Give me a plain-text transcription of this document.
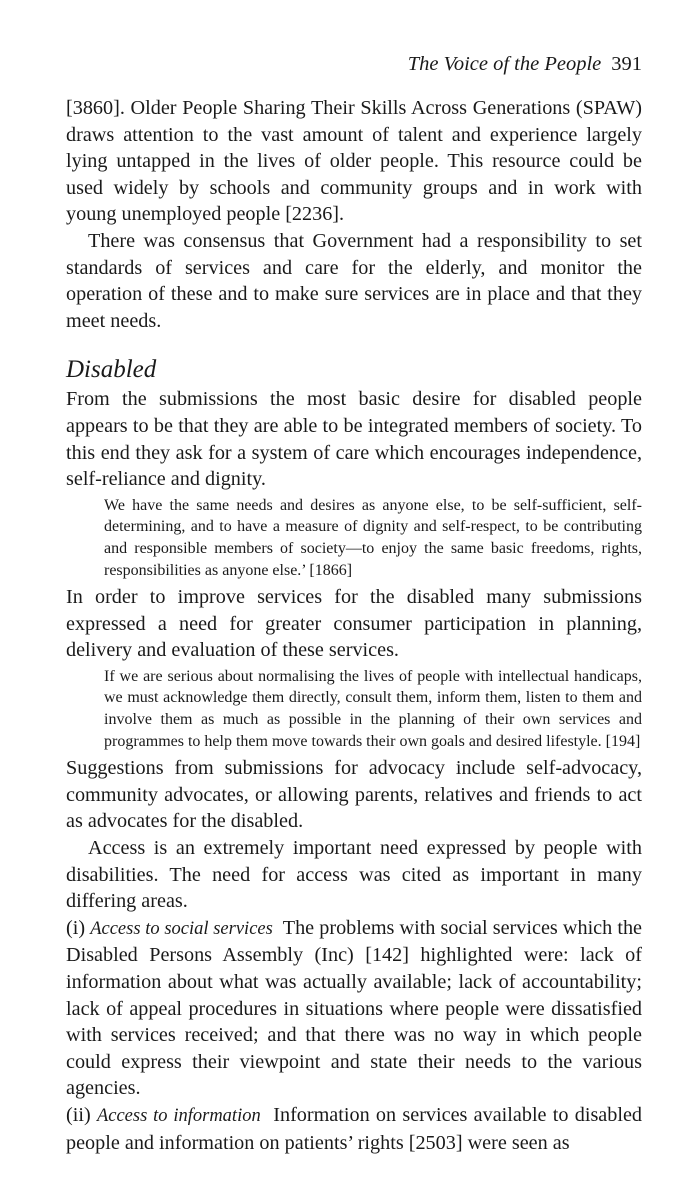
The Voice of the People 391

[3860]. Older People Sharing Their Skills Across Generations (SPAW) draws attention to the vast amount of talent and experience largely lying untapped in the lives of older people. This resource could be used widely by schools and community groups and in work with young unemployed people [2236].

There was consensus that Government had a responsibility to set standards of services and care for the elderly, and monitor the operation of these and to make sure services are in place and that they meet needs.

Disabled

From the submissions the most basic desire for disabled people appears to be that they are able to be integrated members of society. To this end they ask for a system of care which encourages independence, self-reliance and dignity.

We have the same needs and desires as anyone else, to be self-sufficient, self-determining, and to have a measure of dignity and self-respect, to be contributing and responsible members of society—to enjoy the same basic freedoms, rights, responsibilities as anyone else.’ [1866]

In order to improve services for the disabled many submissions expressed a need for greater consumer participation in planning, delivery and evaluation of these services.

If we are serious about normalising the lives of people with intellectual handicaps, we must acknowledge them directly, consult them, inform them, listen to them and involve them as much as possible in the planning of their own services and programmes to help them move towards their own goals and desired lifestyle. [194]

Suggestions from submissions for advocacy include self-advocacy, community advocates, or allowing parents, relatives and friends to act as advocates for the disabled.

Access is an extremely important need expressed by people with disabilities. The need for access was cited as important in many differing areas.

(i) Access to social services The problems with social services which the Disabled Persons Assembly (Inc) [142] highlighted were: lack of information about what was actually available; lack of accountability; lack of appeal procedures in situations where people were dissatisfied with services received; and that there was no way in which people could express their viewpoint and state their needs to the various agencies.

(ii) Access to information Information on services available to disabled people and information on patients’ rights [2503] were seen as
